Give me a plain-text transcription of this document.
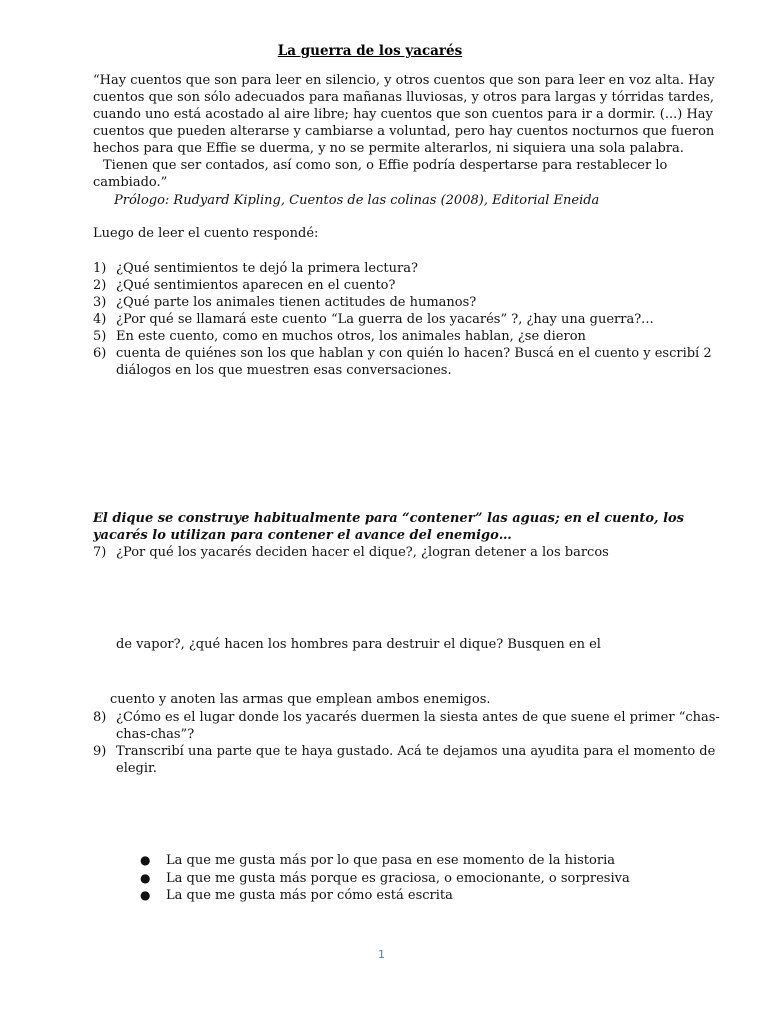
La guerra de los yacarés
“Hay cuentos que son para leer en silencio, y otros cuentos que son para leer en voz alta. Hay cuentos que son sólo adecuados para mañanas lluviosas, y otros para largas y tórridas tardes, cuando uno está acostado al aire libre; hay cuentos que son cuentos para ir a dormir. (...) Hay cuentos que pueden alterarse y cambiarse a voluntad, pero hay cuentos nocturnos que fueron hechos para que Effie se duerma, y no se permite alterarlos, ni siquiera una sola palabra.
Tienen que ser contados, así como son, o Effie podría despertarse para restablecer lo cambiado.”
Prólogo: Rudyard Kipling, Cuentos de las colinas (2008), Editorial Eneida
Luego de leer el cuento respondé:
1) ¿Qué sentimientos te dejó la primera lectura?
2) ¿Qué sentimientos aparecen en el cuento?
3) ¿Qué parte los animales tienen actitudes de humanos?
4) ¿Por qué se llamará este cuento “La guerra de los yacarés” ?, ¿hay una guerra?...
5) En este cuento, como en muchos otros, los animales hablan, ¿se dieron
6) cuenta de quiénes son los que hablan y con quién lo hacen? Buscá en el cuento y escribí 2 diálogos en los que muestren esas conversaciones.
El dique se construye habitualmente para “contener” las aguas; en el cuento, los yacarés lo utilizan para contener el avance del enemigo…
7) ¿Por qué los yacarés deciden hacer el dique?, ¿logran detener a los barcos
de vapor?, ¿qué hacen los hombres para destruir el dique? Busquen en el
cuento y anoten las armas que emplean ambos enemigos.
8) ¿Cómo es el lugar donde los yacarés duermen la siesta antes de que suene el primer “chas-chas-chas”?
9) Transcribí una parte que te haya gustado. Acá te dejamos una ayudita para el momento de elegir.
●	La que me gusta más por lo que pasa en ese momento de la historia
●	La que me gusta más porque es graciosa, o emocionante, o sorpresiva
●	La que me gusta más por cómo está escrita
1
